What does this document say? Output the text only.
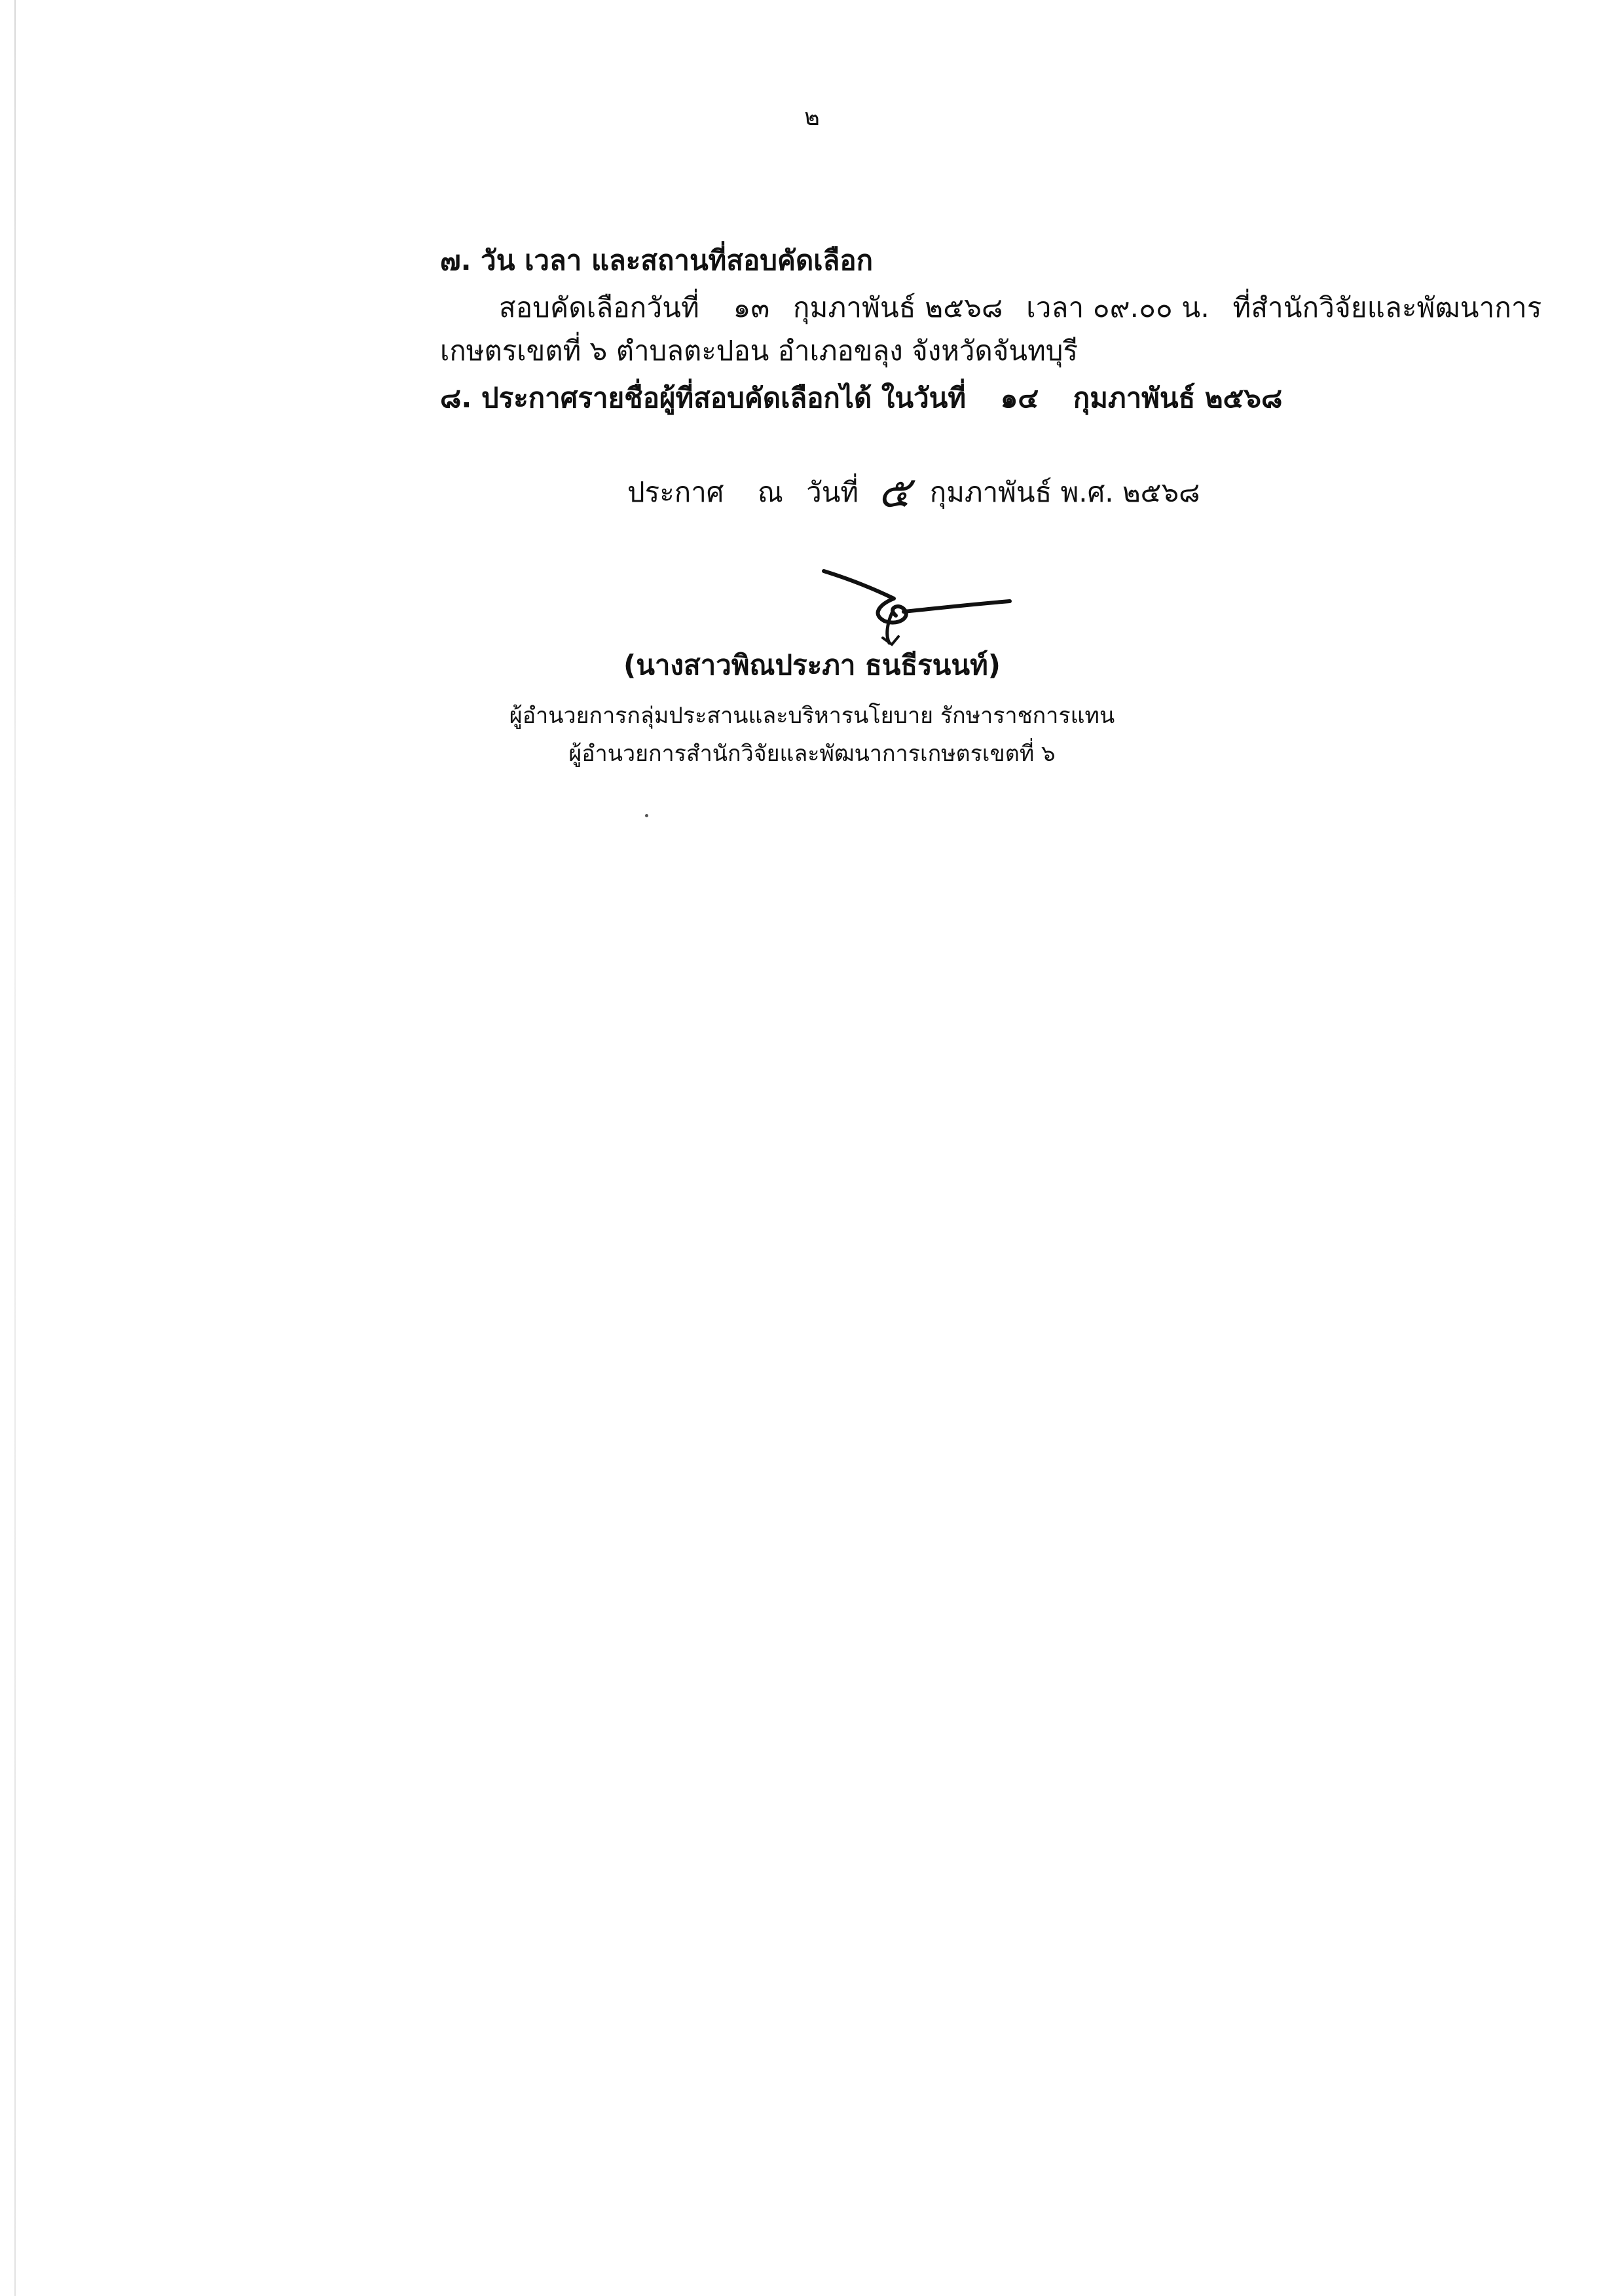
๒
๗. วัน เวลา และสถานที่สอบคัดเลือก
สอบคัดเลือกวันที่ ๑๓ กุมภาพันธ์ ๒๕๖๘ เวลา ๐๙.๐๐ น. ที่สำนักวิจัยและพัฒนาการ
เกษตรเขตที่ ๖ ตำบลตะปอน อำเภอขลุง จังหวัดจันทบุรี
๘. ประกาศรายชื่อผู้ที่สอบคัดเลือกได้ ในวันที่ ๑๔ กุมภาพันธ์ ๒๕๖๘
ประกาศ ณ วันที่ ๕ กุมภาพันธ์ พ.ศ. ๒๕๖๘
(นางสาวพิณประภา ธนธีรนนท์)
ผู้อำนวยการกลุ่มประสานและบริหารนโยบาย รักษาราชการแทน
ผู้อำนวยการสำนักวิจัยและพัฒนาการเกษตรเขตที่ ๖
